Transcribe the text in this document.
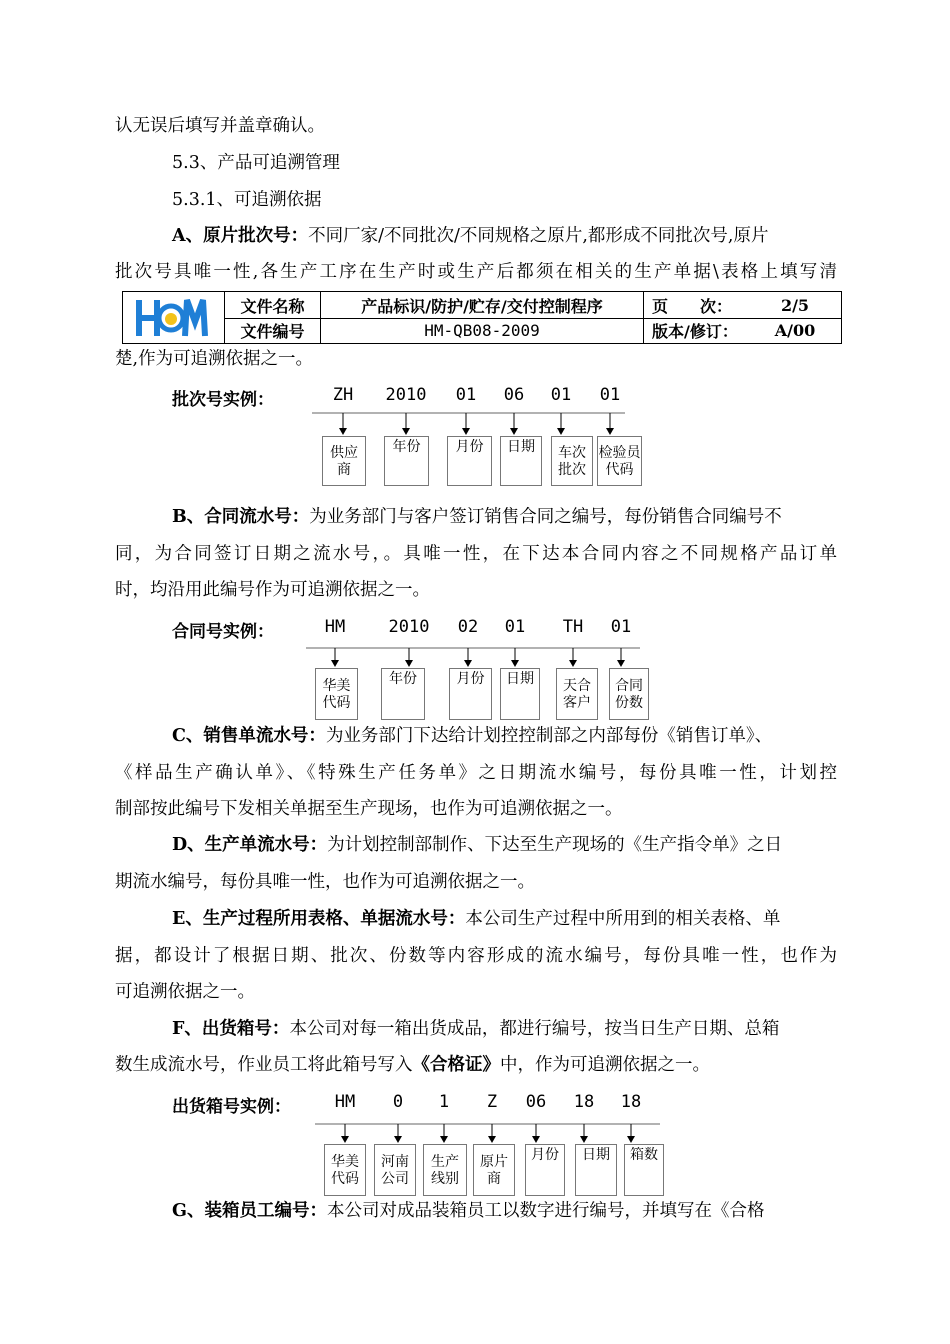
认无误后填写并盖章确认。
5.3、产品可追溯管理
5.3.1、可追溯依据
A、原片批次号：不同厂家/不同批次/不同规格之原片,都形成不同批次号,原片
批次号具唯一性,各生产工序在生产时或生产后都须在相关的生产单据\表格上填写清
文件名称	产品标识/防护/贮存/交付控制程序	页　　次：	2/5
文件编号	HM-QB08-2009	版本/修订：	A/00
楚,作为可追溯依据之一。
批次号实例：	ZH	2010	01	06	01	01
供应
商
年份	月份 日期 车次
批次
检验员
代码
B、合同流水号：为业务部门与客户签订销售合同之编号，每份销售合同编号不
同，为合同签订日期之流水号，。具唯一性，在下达本合同内容之不同规格产品订单
时，均沿用此编号作为可追溯依据之一。
合同号实例：	HM	2010	02	01	TH	01
华美
代码
年份	月份 日期 天合
客户
合同
份数
C、销售单流水号：为业务部门下达给计划控控制部之内部每份《销售订单》、
《样品生产确认单》、《特殊生产任务单》之日期流水编号，每份具唯一性，计划控
制部按此编号下发相关单据至生产现场，也作为可追溯依据之一。
D、生产单流水号：为计划控制部制作、下达至生产现场的《生产指令单》之日
期流水编号，每份具唯一性，也作为可追溯依据之一。
E、生产过程所用表格、单据流水号：本公司生产过程中所用到的相关表格、单
据，都设计了根据日期、批次、份数等内容形成的流水编号，每份具唯一性，也作为
可追溯依据之一。
F、出货箱号：本公司对每一箱出货成品，都进行编号，按当日生产日期、总箱
数生成流水号，作业员工将此箱号写入《合格证》中，作为可追溯依据之一。
出货箱号实例：	HM	0	1	Z	06	18	18
华美
代码
河南
公司
生产
线别
原片
商
月份 日期 箱数
G、装箱员工编号：本公司对成品装箱员工以数字进行编号，并填写在《合格
